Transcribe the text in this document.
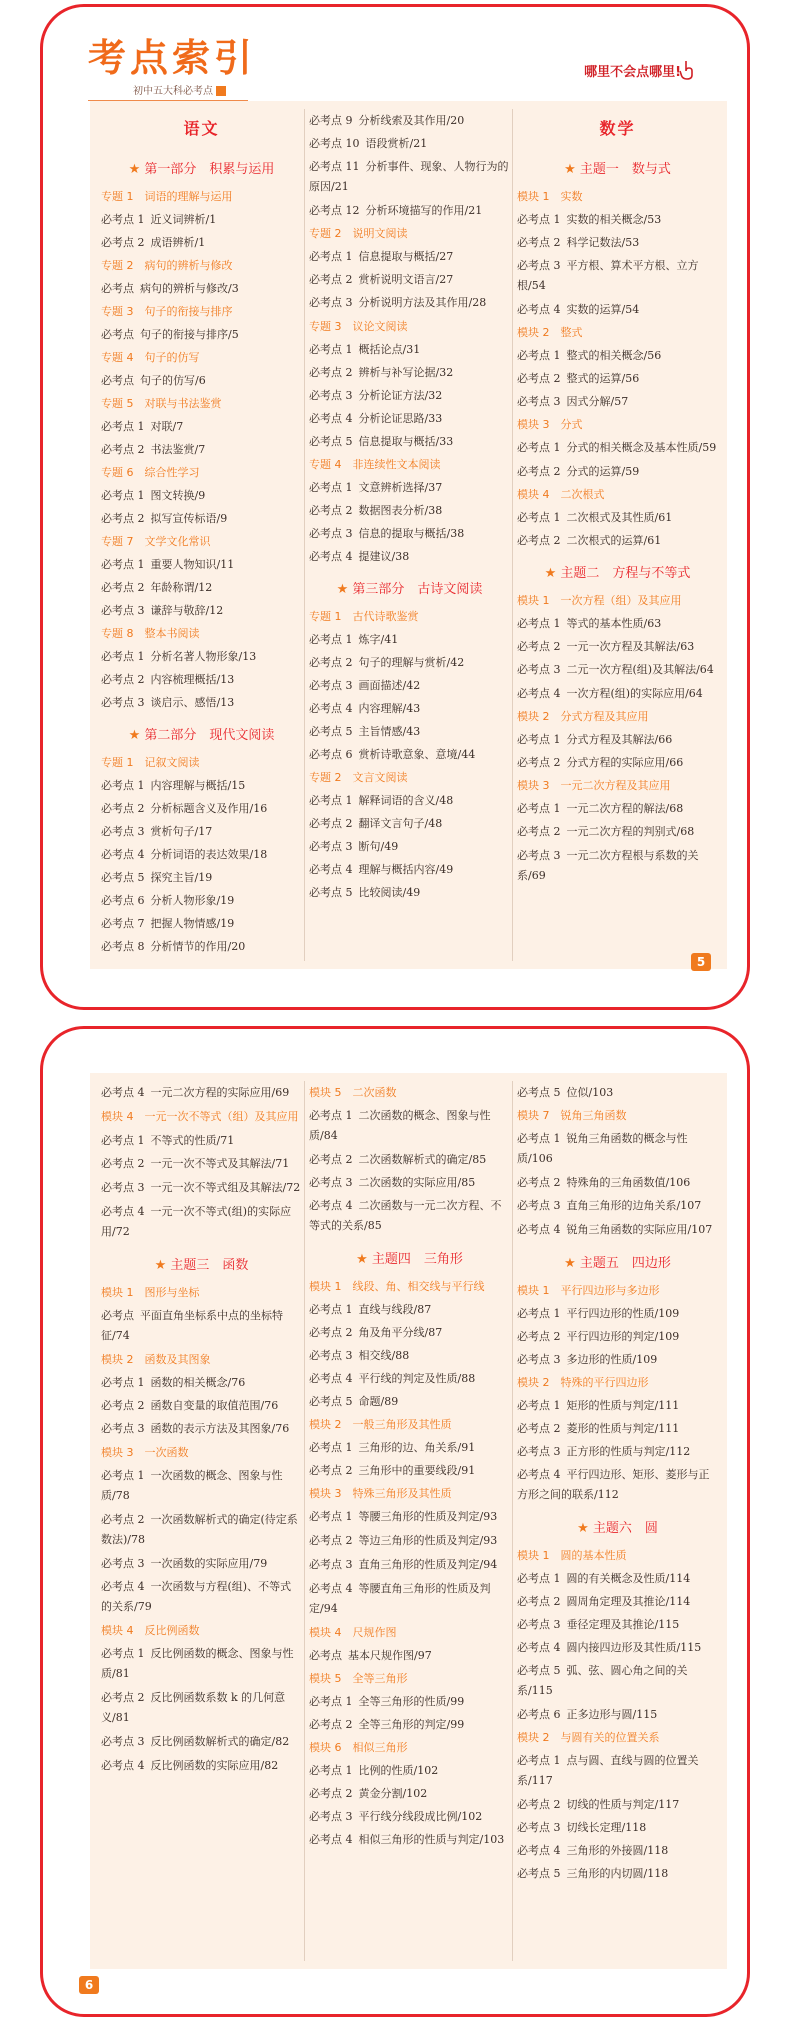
考点索引
初中五大科必考点
哪里不会点哪里!
语文
★ 第一部分　积累与运用
专题 1　词语的理解与运用
必考点 1 近义词辨析/1
必考点 2 成语辨析/1
专题 2　病句的辨析与修改
必考点 病句的辨析与修改/3
专题 3　句子的衔接与排序
必考点 句子的衔接与排序/5
专题 4　句子的仿写
必考点 句子的仿写/6
专题 5　对联与书法鉴赏
必考点 1 对联/7
必考点 2 书法鉴赏/7
专题 6　综合性学习
必考点 1 图文转换/9
必考点 2 拟写宣传标语/9
专题 7　文学文化常识
必考点 1 重要人物知识/11
必考点 2 年龄称谓/12
必考点 3 谦辞与敬辞/12
专题 8　整本书阅读
必考点 1 分析名著人物形象/13
必考点 2 内容梳理概括/13
必考点 3 谈启示、感悟/13
★ 第二部分　现代文阅读
专题 1　记叙文阅读
必考点 1 内容理解与概括/15
必考点 2 分析标题含义及作用/16
必考点 3 赏析句子/17
必考点 4 分析词语的表达效果/18
必考点 5 探究主旨/19
必考点 6 分析人物形象/19
必考点 7 把握人物情感/19
必考点 8 分析情节的作用/20
必考点 9 分析线索及其作用/20
必考点 10 语段赏析/21
必考点 11 分析事件、现象、人物行为的原因/21
必考点 12 分析环境描写的作用/21
专题 2　说明文阅读
必考点 1 信息提取与概括/27
必考点 2 赏析说明文语言/27
必考点 3 分析说明方法及其作用/28
专题 3　议论文阅读
必考点 1 概括论点/31
必考点 2 辨析与补写论据/32
必考点 3 分析论证方法/32
必考点 4 分析论证思路/33
必考点 5 信息提取与概括/33
专题 4　非连续性文本阅读
必考点 1 文意辨析选择/37
必考点 2 数据图表分析/38
必考点 3 信息的提取与概括/38
必考点 4 提建议/38
★ 第三部分　古诗文阅读
专题 1　古代诗歌鉴赏
必考点 1 炼字/41
必考点 2 句子的理解与赏析/42
必考点 3 画面描述/42
必考点 4 内容理解/43
必考点 5 主旨情感/43
必考点 6 赏析诗歌意象、意境/44
专题 2　文言文阅读
必考点 1 解释词语的含义/48
必考点 2 翻译文言句子/48
必考点 3 断句/49
必考点 4 理解与概括内容/49
必考点 5 比较阅读/49
数学
★ 主题一　数与式
模块 1　实数
必考点 1 实数的相关概念/53
必考点 2 科学记数法/53
必考点 3 平方根、算术平方根、立方根/54
必考点 4 实数的运算/54
模块 2　整式
必考点 1 整式的相关概念/56
必考点 2 整式的运算/56
必考点 3 因式分解/57
模块 3　分式
必考点 1 分式的相关概念及基本性质/59
必考点 2 分式的运算/59
模块 4　二次根式
必考点 1 二次根式及其性质/61
必考点 2 二次根式的运算/61
★ 主题二　方程与不等式
模块 1　一次方程（组）及其应用
必考点 1 等式的基本性质/63
必考点 2 一元一次方程及其解法/63
必考点 3 二元一次方程(组)及其解法/64
必考点 4 一次方程(组)的实际应用/64
模块 2　分式方程及其应用
必考点 1 分式方程及其解法/66
必考点 2 分式方程的实际应用/66
模块 3　一元二次方程及其应用
必考点 1 一元二次方程的解法/68
必考点 2 一元二次方程的判别式/68
必考点 3 一元二次方程根与系数的关系/69
5
必考点 4 一元二次方程的实际应用/69
模块 4　一元一次不等式（组）及其应用
必考点 1 不等式的性质/71
必考点 2 一元一次不等式及其解法/71
必考点 3 一元一次不等式组及其解法/72
必考点 4 一元一次不等式(组)的实际应用/72
★ 主题三　函数
模块 1　图形与坐标
必考点 平面直角坐标系中点的坐标特征/74
模块 2　函数及其图象
必考点 1 函数的相关概念/76
必考点 2 函数自变量的取值范围/76
必考点 3 函数的表示方法及其图象/76
模块 3　一次函数
必考点 1 一次函数的概念、图象与性质/78
必考点 2 一次函数解析式的确定(待定系数法)/78
必考点 3 一次函数的实际应用/79
必考点 4 一次函数与方程(组)、不等式的关系/79
模块 4　反比例函数
必考点 1 反比例函数的概念、图象与性质/81
必考点 2 反比例函数系数 k 的几何意义/81
必考点 3 反比例函数解析式的确定/82
必考点 4 反比例函数的实际应用/82
模块 5　二次函数
必考点 1 二次函数的概念、图象与性质/84
必考点 2 二次函数解析式的确定/85
必考点 3 二次函数的实际应用/85
必考点 4 二次函数与一元二次方程、不等式的关系/85
★ 主题四　三角形
模块 1　线段、角、相交线与平行线
必考点 1 直线与线段/87
必考点 2 角及角平分线/87
必考点 3 相交线/88
必考点 4 平行线的判定及性质/88
必考点 5 命题/89
模块 2　一般三角形及其性质
必考点 1 三角形的边、角关系/91
必考点 2 三角形中的重要线段/91
模块 3　特殊三角形及其性质
必考点 1 等腰三角形的性质及判定/93
必考点 2 等边三角形的性质及判定/93
必考点 3 直角三角形的性质及判定/94
必考点 4 等腰直角三角形的性质及判定/94
模块 4　尺规作图
必考点 基本尺规作图/97
模块 5　全等三角形
必考点 1 全等三角形的性质/99
必考点 2 全等三角形的判定/99
模块 6　相似三角形
必考点 1 比例的性质/102
必考点 2 黄金分割/102
必考点 3 平行线分线段成比例/102
必考点 4 相似三角形的性质与判定/103
必考点 5 位似/103
模块 7　锐角三角函数
必考点 1 锐角三角函数的概念与性质/106
必考点 2 特殊角的三角函数值/106
必考点 3 直角三角形的边角关系/107
必考点 4 锐角三角函数的实际应用/107
★ 主题五　四边形
模块 1　平行四边形与多边形
必考点 1 平行四边形的性质/109
必考点 2 平行四边形的判定/109
必考点 3 多边形的性质/109
模块 2　特殊的平行四边形
必考点 1 矩形的性质与判定/111
必考点 2 菱形的性质与判定/111
必考点 3 正方形的性质与判定/112
必考点 4 平行四边形、矩形、菱形与正方形之间的联系/112
★ 主题六　圆
模块 1　圆的基本性质
必考点 1 圆的有关概念及性质/114
必考点 2 圆周角定理及其推论/114
必考点 3 垂径定理及其推论/115
必考点 4 圆内接四边形及其性质/115
必考点 5 弧、弦、圆心角之间的关系/115
必考点 6 正多边形与圆/115
模块 2　与圆有关的位置关系
必考点 1 点与圆、直线与圆的位置关系/117
必考点 2 切线的性质与判定/117
必考点 3 切线长定理/118
必考点 4 三角形的外接圆/118
必考点 5 三角形的内切圆/118
6
